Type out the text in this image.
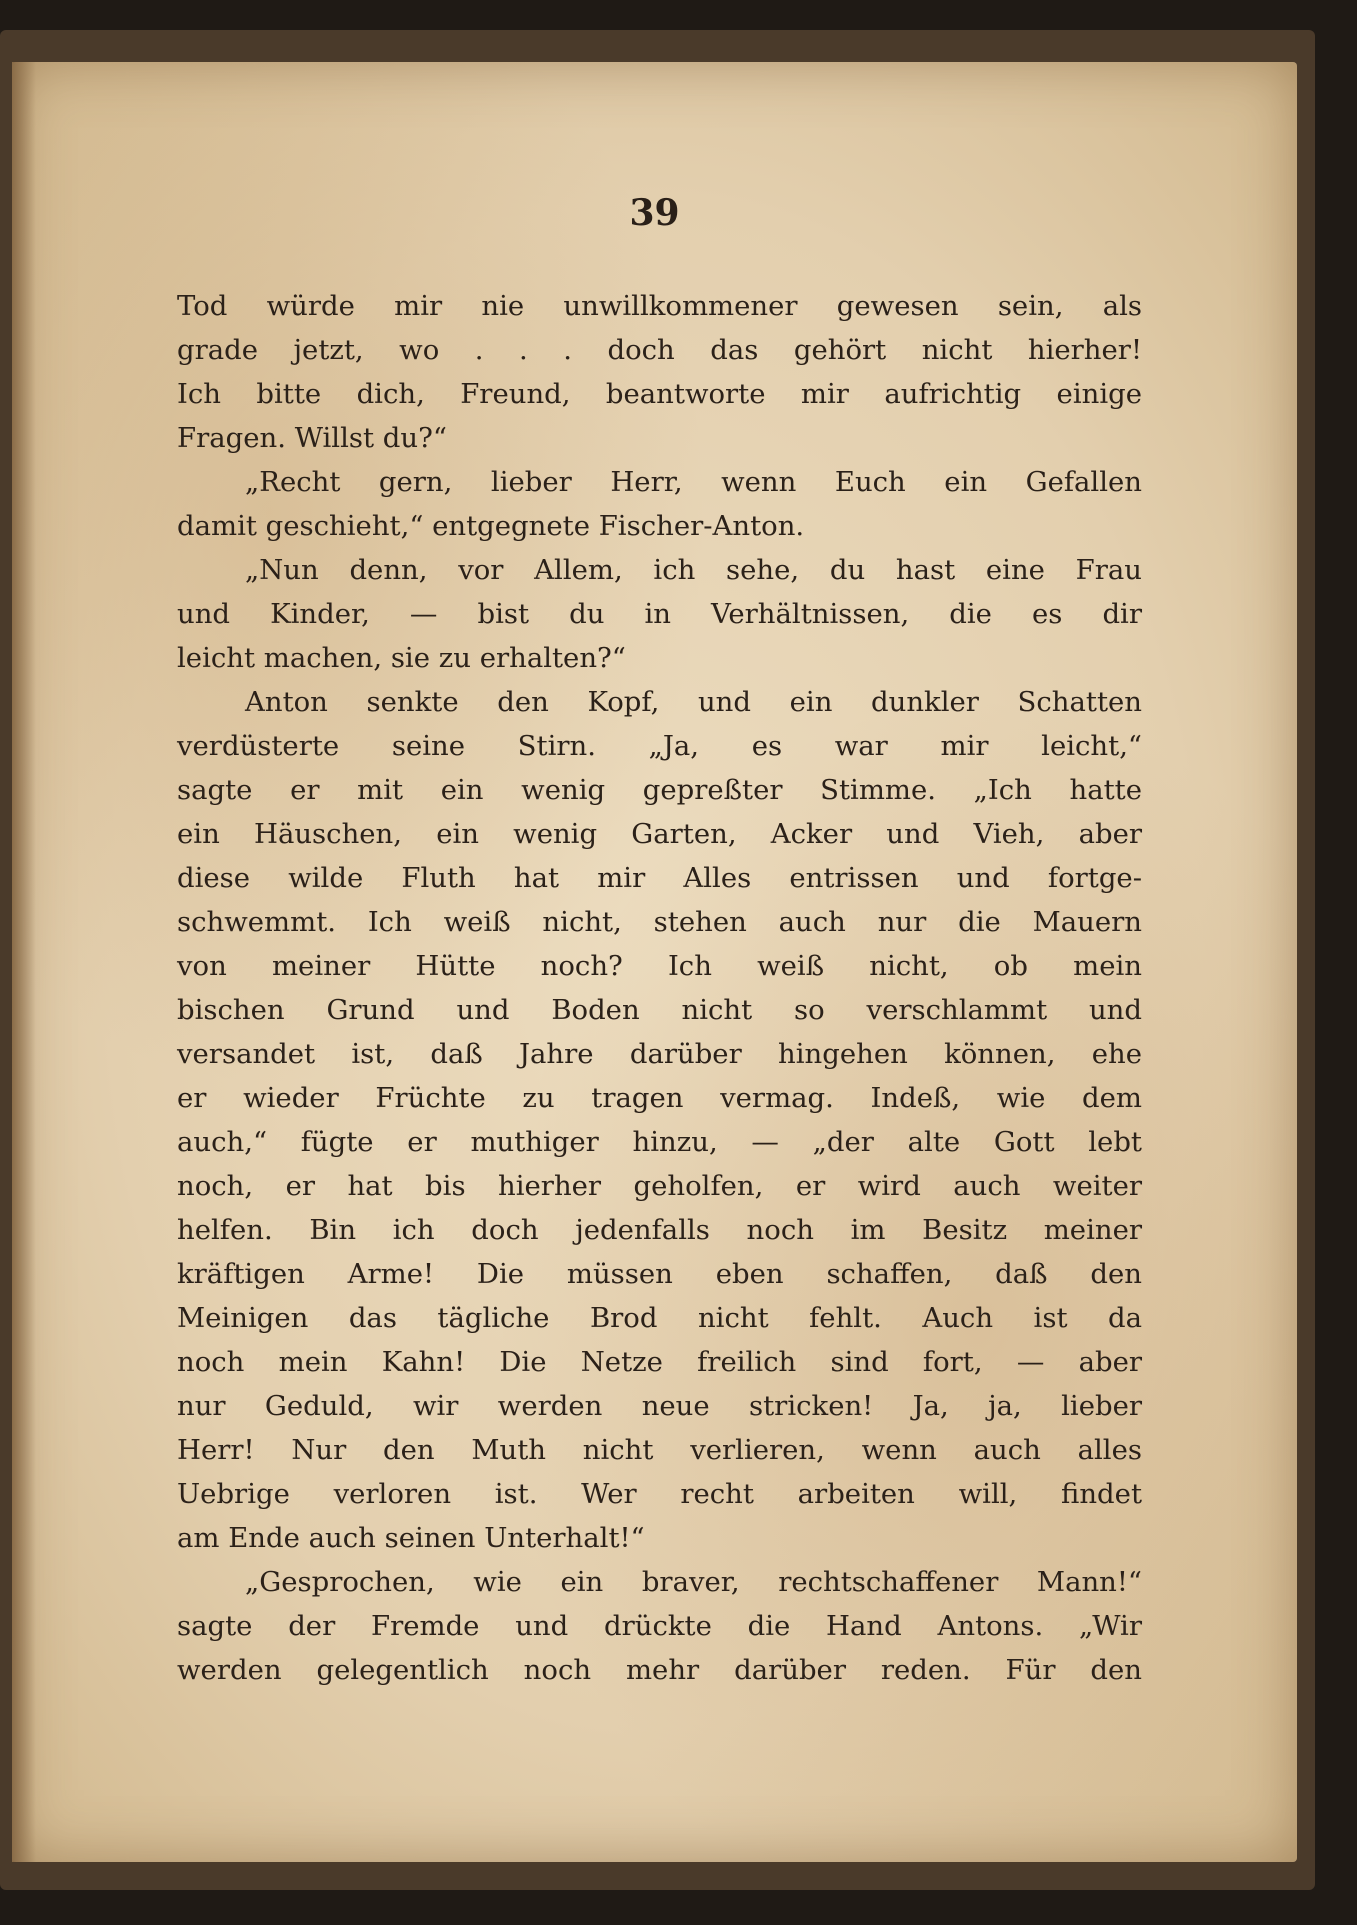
39
Tod würde mir nie unwillkommener gewesen sein, als
grade jetzt, wo . . . doch das gehört nicht hierher!
Ich bitte dich, Freund, beantworte mir aufrichtig einige
Fragen. Willst du?“
„Recht gern, lieber Herr, wenn Euch ein Gefallen
damit geschieht,“ entgegnete Fischer-Anton.
„Nun denn, vor Allem, ich sehe, du hast eine Frau
und Kinder, — bist du in Verhältnissen, die es dir
leicht machen, sie zu erhalten?“
Anton senkte den Kopf, und ein dunkler Schatten
verdüsterte seine Stirn. „Ja, es war mir leicht,“
sagte er mit ein wenig gepreßter Stimme. „Ich hatte
ein Häuschen, ein wenig Garten, Acker und Vieh, aber
diese wilde Fluth hat mir Alles entrissen und fortge-
schwemmt. Ich weiß nicht, stehen auch nur die Mauern
von meiner Hütte noch? Ich weiß nicht, ob mein
bischen Grund und Boden nicht so verschlammt und
versandet ist, daß Jahre darüber hingehen können, ehe
er wieder Früchte zu tragen vermag. Indeß, wie dem
auch,“ fügte er muthiger hinzu, — „der alte Gott lebt
noch, er hat bis hierher geholfen, er wird auch weiter
helfen. Bin ich doch jedenfalls noch im Besitz meiner
kräftigen Arme! Die müssen eben schaffen, daß den
Meinigen das tägliche Brod nicht fehlt. Auch ist da
noch mein Kahn! Die Netze freilich sind fort, — aber
nur Geduld, wir werden neue stricken! Ja, ja, lieber
Herr! Nur den Muth nicht verlieren, wenn auch alles
Uebrige verloren ist. Wer recht arbeiten will, findet
am Ende auch seinen Unterhalt!“
„Gesprochen, wie ein braver, rechtschaffener Mann!“
sagte der Fremde und drückte die Hand Antons. „Wir
werden gelegentlich noch mehr darüber reden. Für den
